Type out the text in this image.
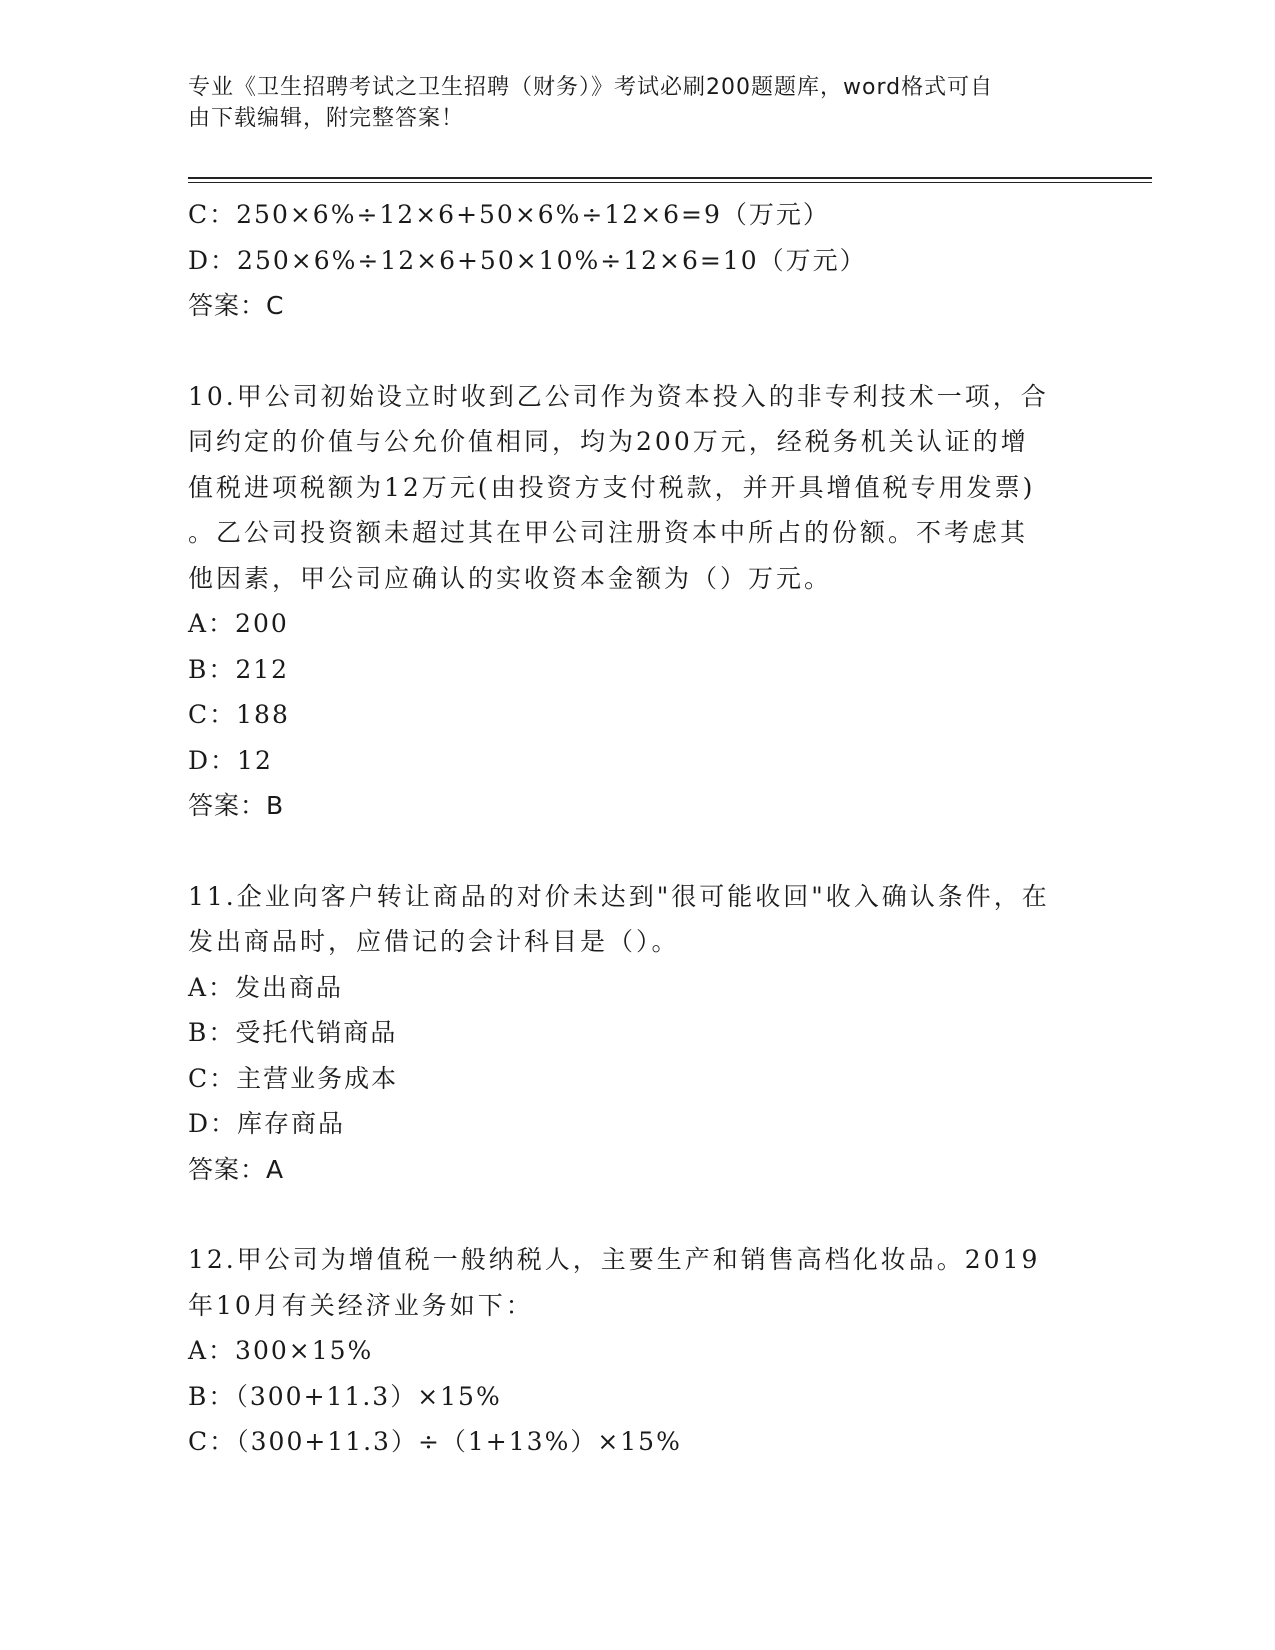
专业《卫生招聘考试之卫生招聘（财务）》考试必刷200题题库，word格式可自
由下载编辑，附完整答案！
C：250×6%÷12×6+50×6%÷12×6=9（万元）
D：250×6%÷12×6+50×10%÷12×6=10（万元）
答案：C
10.甲公司初始设立时收到乙公司作为资本投入的非专利技术一项，合
同约定的价值与公允价值相同，均为200万元，经税务机关认证的增
值税进项税额为12万元(由投资方支付税款，并开具增值税专用发票)
。乙公司投资额未超过其在甲公司注册资本中所占的份额。不考虑其
他因素，甲公司应确认的实收资本金额为（）万元。
A：200
B：212
C：188
D：12
答案：B
11.企业向客户转让商品的对价未达到"很可能收回"收入确认条件，在
发出商品时，应借记的会计科目是（）。
A：发出商品
B：受托代销商品
C：主营业务成本
D：库存商品
答案：A
12.甲公司为增值税一般纳税人，主要生产和销售高档化妆品。2019
年10月有关经济业务如下：
A：300×15%
B：（300+11.3）×15%
C：（300+11.3）÷（1+13%）×15%
